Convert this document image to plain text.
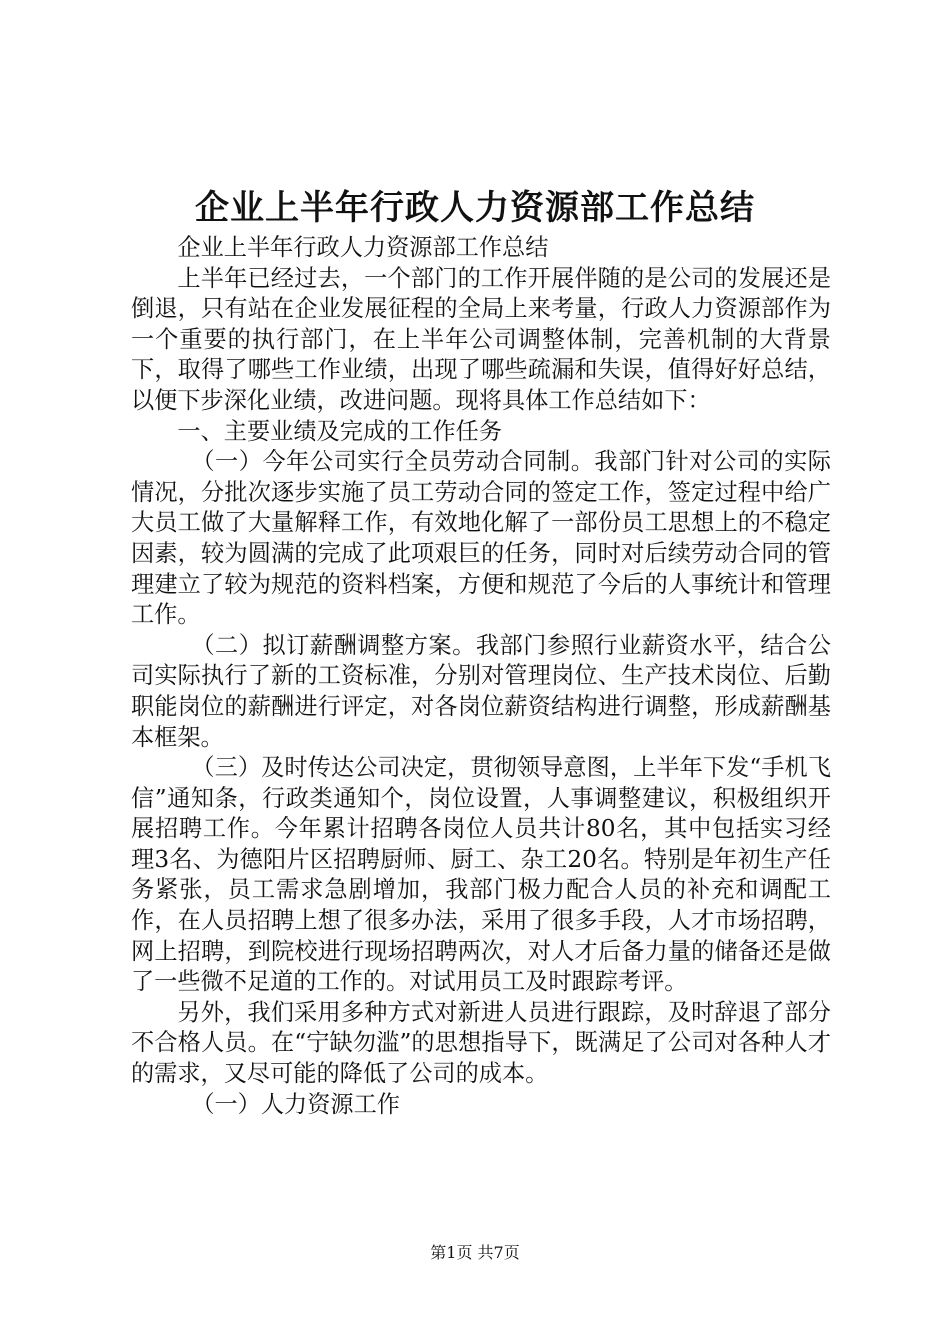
企业上半年行政人力资源部工作总结

企业上半年行政人力资源部工作总结

上半年已经过去，一个部门的工作开展伴随的是公司的发展还是倒退，只有站在企业发展征程的全局上来考量，行政人力资源部作为一个重要的执行部门，在上半年公司调整体制，完善机制的大背景下，取得了哪些工作业绩，出现了哪些疏漏和失误，值得好好总结，以便下步深化业绩，改进问题。现将具体工作总结如下：

一、主要业绩及完成的工作任务

（一）今年公司实行全员劳动合同制。我部门针对公司的实际情况，分批次逐步实施了员工劳动合同的签定工作，签定过程中给广大员工做了大量解释工作，有效地化解了一部份员工思想上的不稳定因素，较为圆满的完成了此项艰巨的任务，同时对后续劳动合同的管理建立了较为规范的资料档案，方便和规范了今后的人事统计和管理工作。

（二）拟订薪酬调整方案。我部门参照行业薪资水平，结合公司实际执行了新的工资标准，分别对管理岗位、生产技术岗位、后勤职能岗位的薪酬进行评定，对各岗位薪资结构进行调整，形成薪酬基本框架。

（三）及时传达公司决定，贯彻领导意图，上半年下发“手机飞信”通知条，行政类通知个，岗位设置，人事调整建议，积极组织开展招聘工作。今年累计招聘各岗位人员共计80名，其中包括实习经理3名、为德阳片区招聘厨师、厨工、杂工20名。特别是年初生产任务紧张，员工需求急剧增加，我部门极力配合人员的补充和调配工作，在人员招聘上想了很多办法，采用了很多手段，人才市场招聘，网上招聘，到院校进行现场招聘两次，对人才后备力量的储备还是做了一些微不足道的工作的。对试用员工及时跟踪考评。

另外，我们采用多种方式对新进人员进行跟踪，及时辞退了部分不合格人员。在“宁缺勿滥”的思想指导下，既满足了公司对各种人才的需求，又尽可能的降低了公司的成本。

（一）人力资源工作

第1页 共7页
